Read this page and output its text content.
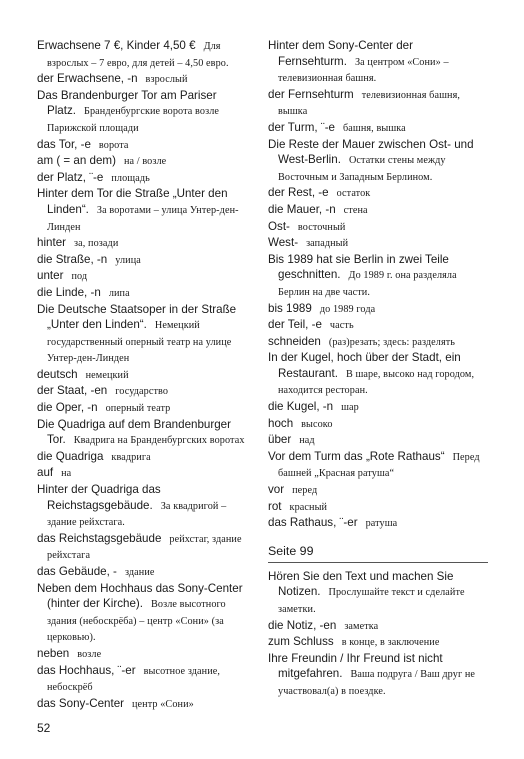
Erwachsene 7 €, Kinder 4,50 € Для взрослых – 7 евро, для детей – 4,50 евро.
der Erwachsene, -n взрослый
Das Brandenburger Tor am Pariser Platz. Бранденбургские ворота возле Парижской площади
das Tor, -e ворота
am ( = an dem) на / возле
der Platz, ¨-e площадь
Hinter dem Tor die Straße „Unter den Linden“. За воротами – улица Унтер-ден-Линден
hinter за, позади
die Straße, -n улица
unter под
die Linde, -n липа
Die Deutsche Staatsoper in der Straße „Unter den Linden“. Немецкий государственный оперный театр на улице Унтер-ден-Линден
deutsch немецкий
der Staat, -en государство
die Oper, -n оперный театр
Die Quadriga auf dem Brandenburger Tor. Квадрига на Бранденбургских воротах
die Quadriga квадрига
auf на
Hinter der Quadriga das Reichstagsgebäude. За квадригой – здание рейхстага.
das Reichstagsgebäude рейхстаг, здание рейхстага
das Gebäude, - здание
Neben dem Hochhaus das Sony-Center (hinter der Kirche). Возле высотного здания (небоскрёба) – центр «Сони» (за церковью).
neben возле
das Hochhaus, ¨-er высотное здание, небоскрёб
das Sony-Center центр «Сони»
Hinter dem Sony-Center der Fernsehturm. За центром «Сони» – телевизионная башня.
der Fernsehturm телевизионная башня, вышка
der Turm, ¨-e башня, вышка
Die Reste der Mauer zwischen Ost- und West-Berlin. Остатки стены между Восточным и Западным Берлином.
der Rest, -e остаток
die Mauer, -n стена
Ost- восточный
West- западный
Bis 1989 hat sie Berlin in zwei Teile geschnitten. До 1989 г. она разделяла Берлин на две части.
bis 1989 до 1989 года
der Teil, -e часть
schneiden (раз)резать; здесь: разделять
In der Kugel, hoch über der Stadt, ein Restaurant. В шаре, высоко над городом, находится ресторан.
die Kugel, -n шар
hoch высоко
über над
Vor dem Turm das „Rote Rathaus“ Перед башней „Красная ратуша“
vor перед
rot красный
das Rathaus, ¨-er ратуша
Seite 99
Hören Sie den Text und machen Sie Notizen. Прослушайте текст и сделайте заметки.
die Notiz, -en заметка
zum Schluss в конце, в заключение
Ihre Freundin / Ihr Freund ist nicht mitgefahren. Ваша подруга / Ваш друг не участвовал(а) в поездке.
52
